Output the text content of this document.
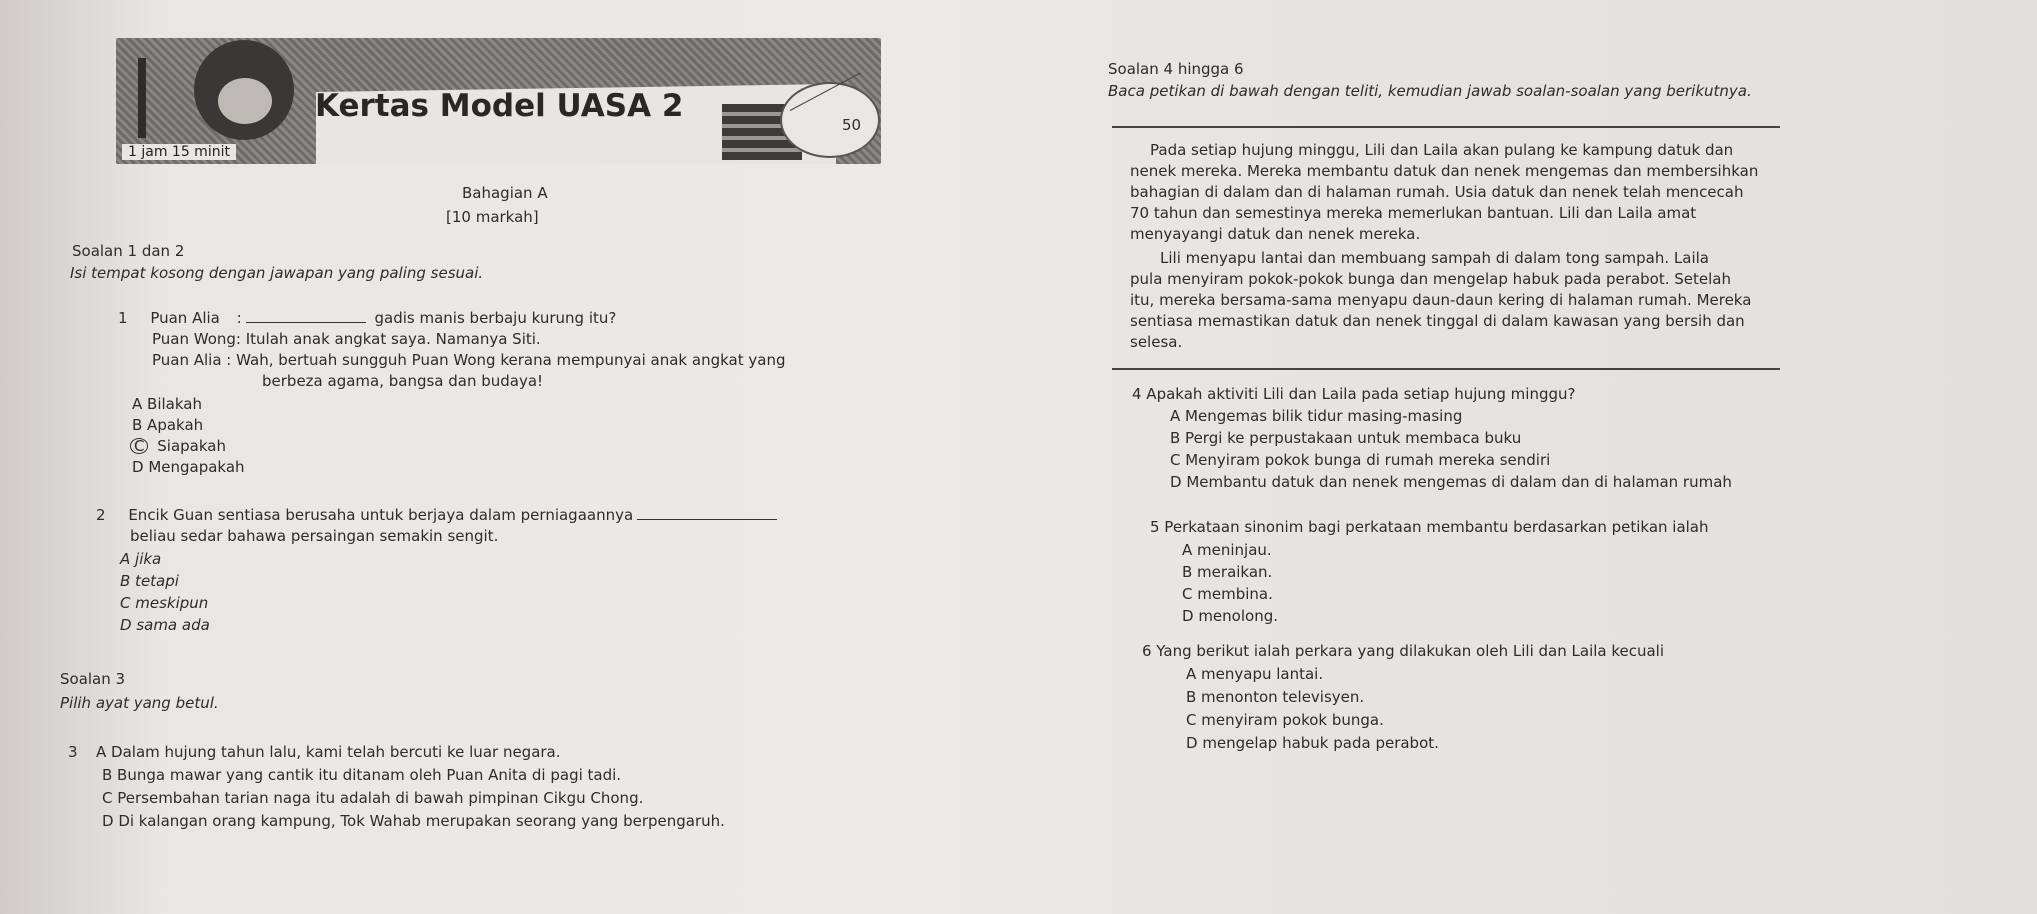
Kertas Model UASA 2
1 jam 15 minit
50
Bahagian A
[10 markah]
Soalan 1 dan 2
Isi tempat kosong dengan jawapan yang paling sesuai.
1 Puan Alia :	gadis manis berbaju kurung itu?
Puan Wong: Itulah anak angkat saya. Namanya Siti.
Puan Alia : Wah, bertuah sungguh Puan Wong kerana mempunyai anak angkat yang
berbeza agama, bangsa dan budaya!
A Bilakah
B Apakah
C Siapakah
D Mengapakah
2 Encik Guan sentiasa berusaha untuk berjaya dalam perniagaannya
beliau sedar bahawa persaingan semakin sengit.
A jika
B tetapi
C meskipun
D sama ada
Soalan 3
Pilih ayat yang betul.
3 A Dalam hujung tahun lalu, kami telah bercuti ke luar negara.
B Bunga mawar yang cantik itu ditanam oleh Puan Anita di pagi tadi.
C Persembahan tarian naga itu adalah di bawah pimpinan Cikgu Chong.
D Di kalangan orang kampung, Tok Wahab merupakan seorang yang berpengaruh.
Soalan 4 hingga 6
Baca petikan di bawah dengan teliti, kemudian jawab soalan-soalan yang berikutnya.
Pada setiap hujung minggu, Lili dan Laila akan pulang ke kampung datuk dan
nenek mereka. Mereka membantu datuk dan nenek mengemas dan membersihkan
bahagian di dalam dan di halaman rumah. Usia datuk dan nenek telah mencecah
70 tahun dan semestinya mereka memerlukan bantuan. Lili dan Laila amat
menyayangi datuk dan nenek mereka.
Lili menyapu lantai dan membuang sampah di dalam tong sampah. Laila
pula menyiram pokok-pokok bunga dan mengelap habuk pada perabot. Setelah
itu, mereka bersama-sama menyapu daun-daun kering di halaman rumah. Mereka
sentiasa memastikan datuk dan nenek tinggal di dalam kawasan yang bersih dan
selesa.
4 Apakah aktiviti Lili dan Laila pada setiap hujung minggu?
A Mengemas bilik tidur masing-masing
B Pergi ke perpustakaan untuk membaca buku
C Menyiram pokok bunga di rumah mereka sendiri
D Membantu datuk dan nenek mengemas di dalam dan di halaman rumah
5 Perkataan sinonim bagi perkataan membantu berdasarkan petikan ialah
A meninjau.
B meraikan.
C membina.
D menolong.
6 Yang berikut ialah perkara yang dilakukan oleh Lili dan Laila kecuali
A menyapu lantai.
B menonton televisyen.
C menyiram pokok bunga.
D mengelap habuk pada perabot.
